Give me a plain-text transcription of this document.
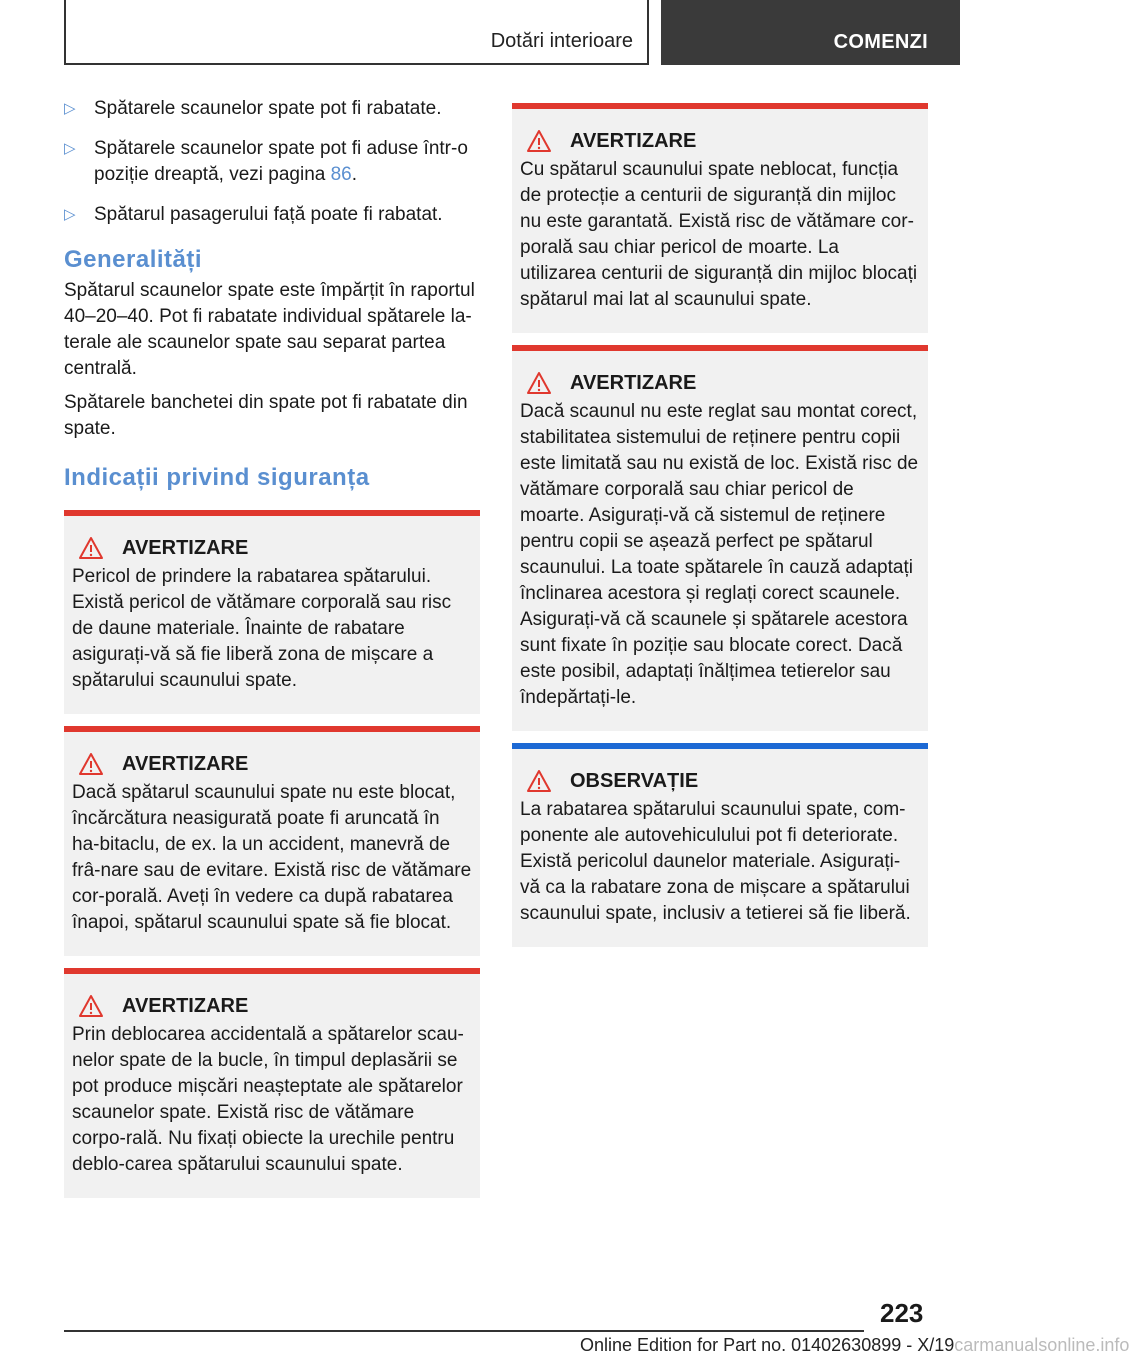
Dotări interioare	COMENZI
▷ Spătarele scaunelor spate pot fi rabatate.
▷ Spătarele scaunelor spate pot fi aduse într-o poziție dreaptă, vezi pagina 86.
▷ Spătarul pasagerului față poate fi rabatat.
Generalități

Spătarul scaunelor spate este împărțit în raportul 40–20–40. Pot fi rabatate individual spătarele la-terale ale scaunelor spate sau separat partea centrală.

Spătarele banchetei din spate pot fi rabatate din spate.

Indicații privind siguranța
AVERTIZARE
Pericol de prindere la rabatarea spătarului. Există pericol de vătămare corporală sau risc de daune materiale. Înainte de rabatare asigurați-vă să fie liberă zona de mișcare a spătarului scaunului spate.
AVERTIZARE
Dacă spătarul scaunului spate nu este blocat, încărcătura neasigurată poate fi aruncată în ha-bitaclu, de ex. la un accident, manevră de frâ-nare sau de evitare. Există risc de vătămare cor-porală. Aveți în vedere ca după rabatarea înapoi, spătarul scaunului spate să fie blocat.
AVERTIZARE
Prin deblocarea accidentală a spătarelor scau-nelor spate de la bucle, în timpul deplasării se pot produce mișcări neașteptate ale spătarelor scaunelor spate. Există risc de vătămare corpo-rală. Nu fixați obiecte la urechile pentru deblo-carea spătarului scaunului spate.
AVERTIZARE
Cu spătarul scaunului spate neblocat, funcția de protecție a centurii de siguranță din mijloc nu este garantată. Există risc de vătămare cor-porală sau chiar pericol de moarte. La utilizarea centurii de siguranță din mijloc blocați spătarul mai lat al scaunului spate.
AVERTIZARE
Dacă scaunul nu este reglat sau montat corect, stabilitatea sistemului de reținere pentru copii este limitată sau nu există de loc. Există risc de vătămare corporală sau chiar pericol de moarte. Asigurați-vă că sistemul de reținere pentru copii se așează perfect pe spătarul scaunului. La toate spătarele în cauză adaptați înclinarea acestora și reglați corect scaunele. Asigurați-vă că scaunele și spătarele acestora sunt fixate în poziție sau blocate corect. Dacă este posibil, adaptați înălțimea tetierelor sau îndepărtați-le.
OBSERVAȚIE
La rabatarea spătarului scaunului spate, com-ponente ale autovehiculului pot fi deteriorate. Există pericolul daunelor materiale. Asigurați-vă ca la rabatare zona de mișcare a spătarului scaunului spate, inclusiv a tetierei să fie liberă.
223
Online Edition for Part no. 01402630899 - X/19carmanualsonline.info
